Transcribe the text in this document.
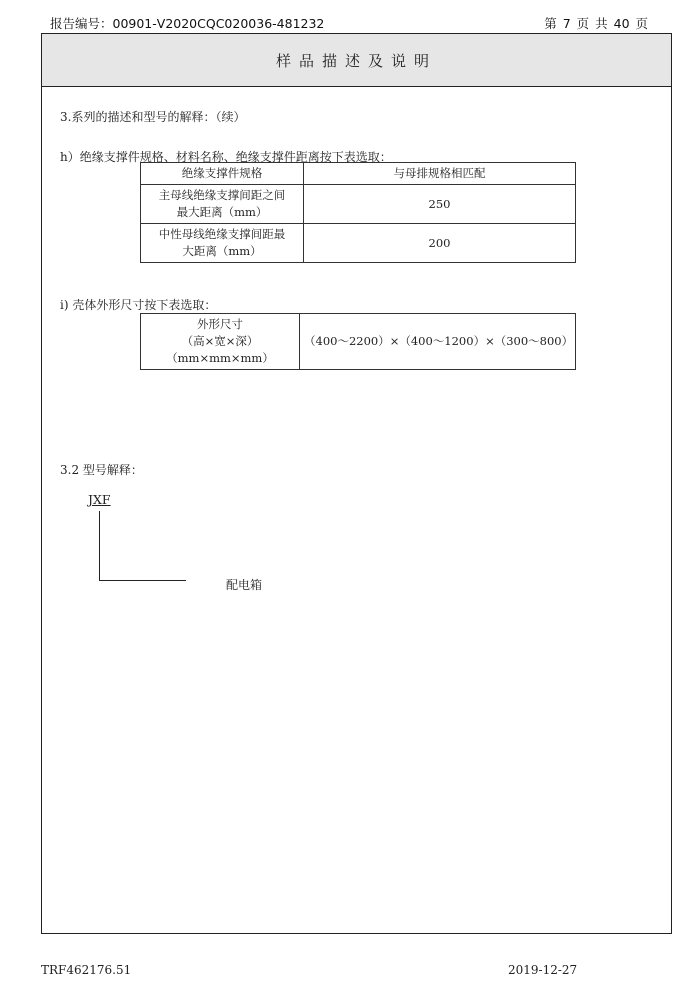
报告编号：00901-V2020CQC020036-481232	第 7 页 共 40 页
样品描述及说明
3.系列的描述和型号的解释：（续）
h）绝缘支撑件规格、材料名称、绝缘支撑件距离按下表选取：
绝缘支撑件规格	与母排规格相匹配

主母线绝缘支撑间距之间
最大距离（mm）	250

中性母线绝缘支撑间距最
大距离（mm）	200
i) 壳体外形尺寸按下表选取：
外形尺寸
（高×宽×深）
（mm×mm×mm）
	（400～2200）×（400～1200）×（300～800）
3.2 型号解释：
JXF
配电箱
TRF462176.51	2019-12-27
